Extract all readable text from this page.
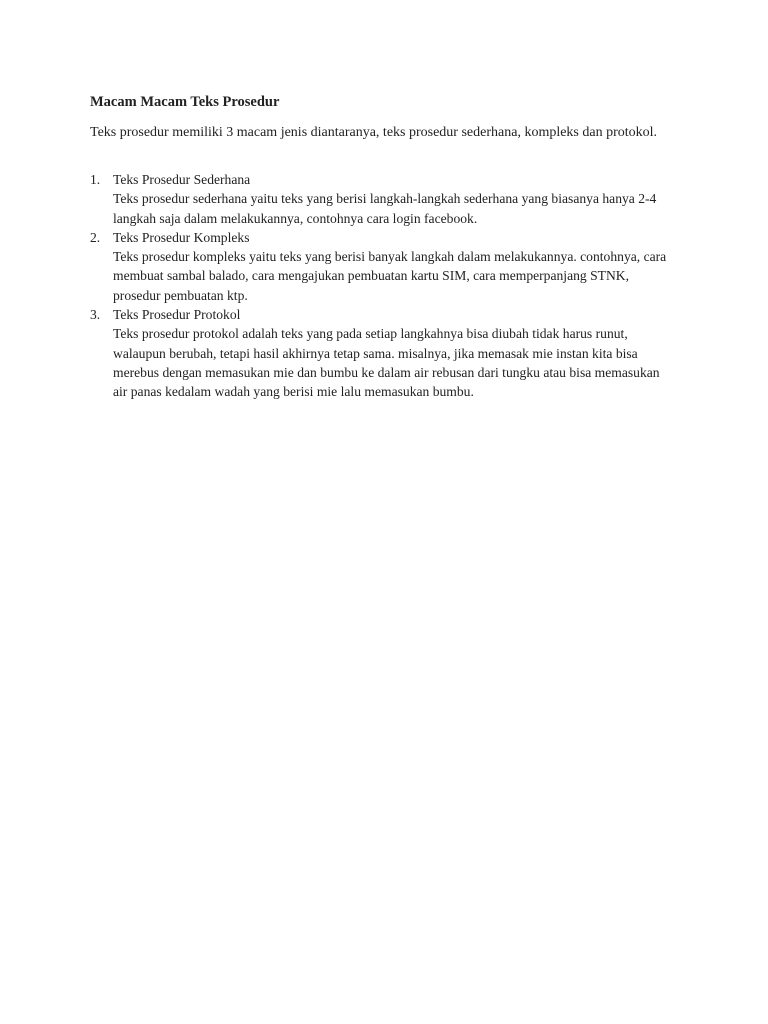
Macam Macam Teks Prosedur

Teks prosedur memiliki 3 macam jenis diantaranya, teks prosedur sederhana, kompleks dan protokol.

1. Teks Prosedur Sederhana
Teks prosedur sederhana yaitu teks yang berisi langkah-langkah sederhana yang biasanya hanya 2-4 langkah saja dalam melakukannya, contohnya cara login facebook.
2. Teks Prosedur Kompleks
Teks prosedur kompleks yaitu teks yang berisi banyak langkah dalam melakukannya. contohnya, cara membuat sambal balado, cara mengajukan pembuatan kartu SIM, cara memperpanjang STNK, prosedur pembuatan ktp.
3. Teks Prosedur Protokol
Teks prosedur protokol adalah teks yang pada setiap langkahnya bisa diubah tidak harus runut, walaupun berubah, tetapi hasil akhirnya tetap sama. misalnya, jika memasak mie instan kita bisa merebus dengan memasukan mie dan bumbu ke dalam air rebusan dari tungku atau bisa memasukan air panas kedalam wadah yang berisi mie lalu memasukan bumbu.
